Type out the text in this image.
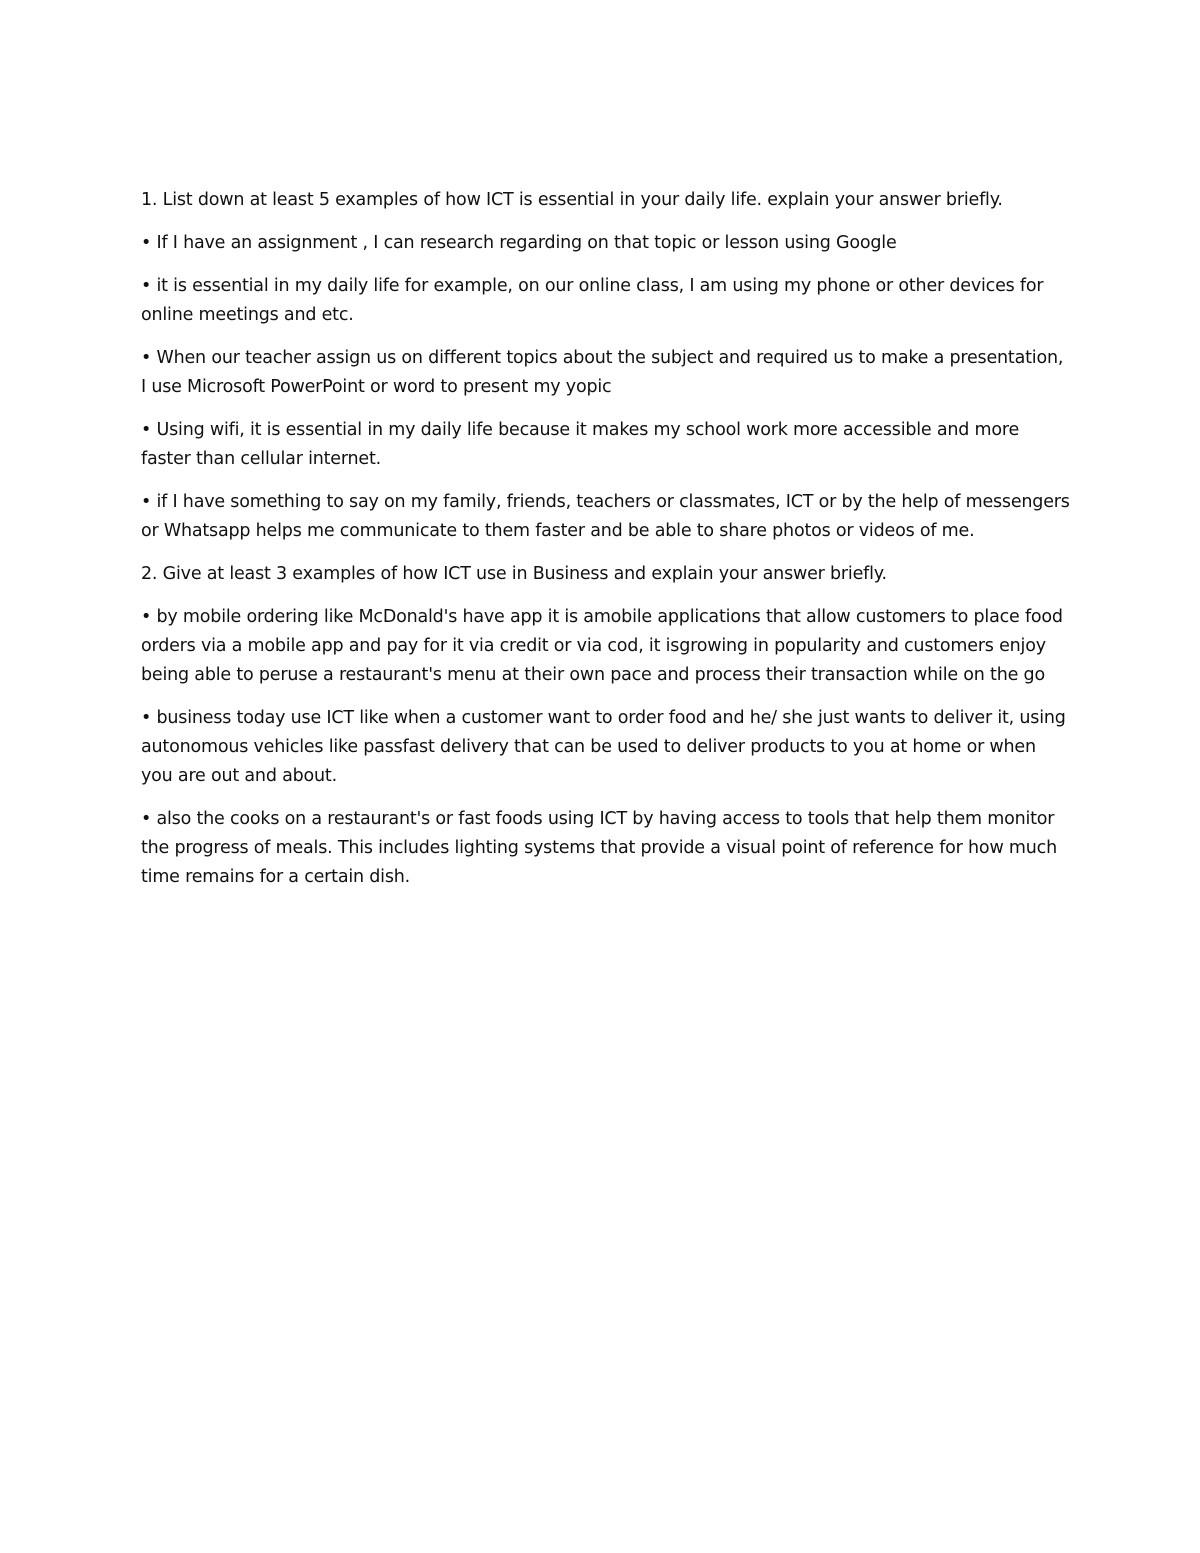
1. List down at least 5 examples of how ICT is essential in your daily life. explain your answer briefly.

• If I have an assignment , I can research regarding on that topic or lesson using Google

• it is essential in my daily life for example, on our online class, I am using my phone or other devices for online meetings and etc.

• When our teacher assign us on different topics about the subject and required us to make a presentation, I use Microsoft PowerPoint or word to present my yopic

• Using wifi, it is essential in my daily life because it makes my school work more accessible and more faster than cellular internet.

• if I have something to say on my family, friends, teachers or classmates, ICT or by the help of messengers or Whatsapp helps me communicate to them faster and be able to share photos or videos of me.

2. Give at least 3 examples of how ICT use in Business and explain your answer briefly.

• by mobile ordering like McDonald's have app it is amobile applications that allow customers to place food orders via a mobile app and pay for it via credit or via cod, it isgrowing in popularity and customers enjoy being able to peruse a restaurant's menu at their own pace and process their transaction while on the go

• business today use ICT like when a customer want to order food and he/ she just wants to deliver it, using autonomous vehicles like passfast delivery that can be used to deliver products to you at home or when you are out and about.

• also the cooks on a restaurant's or fast foods using ICT by having access to tools that help them monitor the progress of meals. This includes lighting systems that provide a visual point of reference for how much time remains for a certain dish.
